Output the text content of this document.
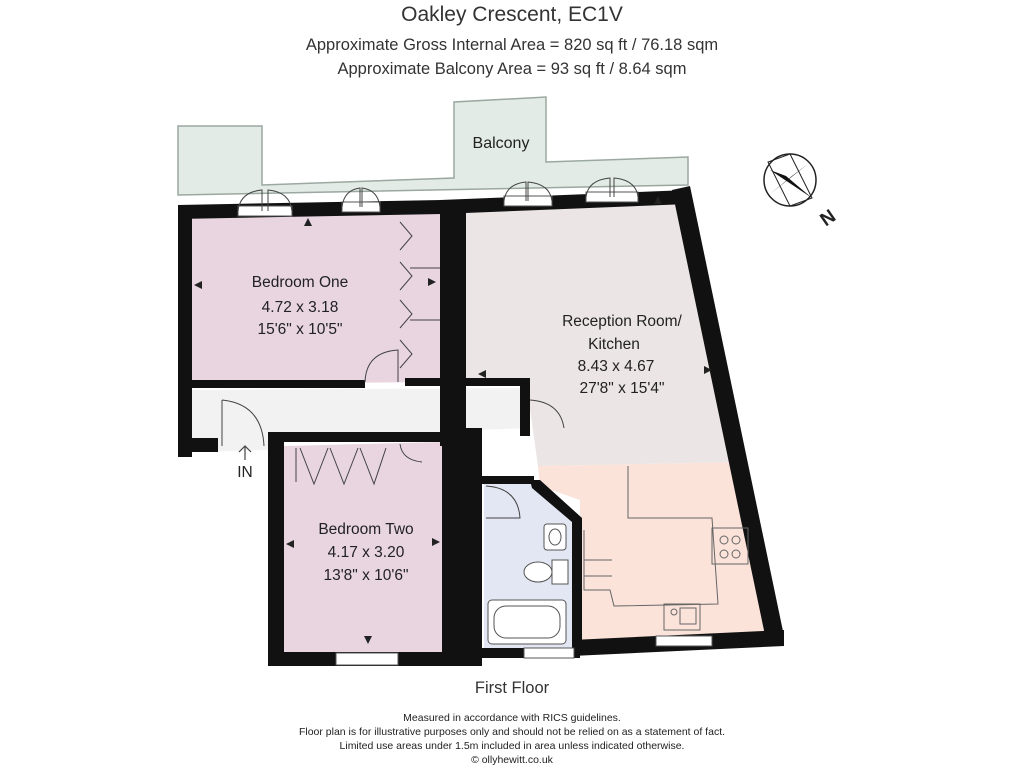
Oakley Crescent, EC1V
Approximate Gross Internal Area = 820 sq ft / 76.18 sqm
Approximate Balcony Area = 93 sq ft / 8.64 sqm
Balcony
Bedroom One
4.72 x 3.18
15'6" x 10'5"	Reception Room/
Kitchen
8.43 x 4.67
27'8" x 15'4"
Bedroom Two
4.17 x 3.20
13'8" x 10'6"
IN
N
First Floor
Measured in accordance with RICS guidelines.
Floor plan is for illustrative purposes only and should not be relied on as a statement of fact.
Limited use areas under 1.5m included in area unless indicated otherwise.
© ollyhewitt.co.uk
